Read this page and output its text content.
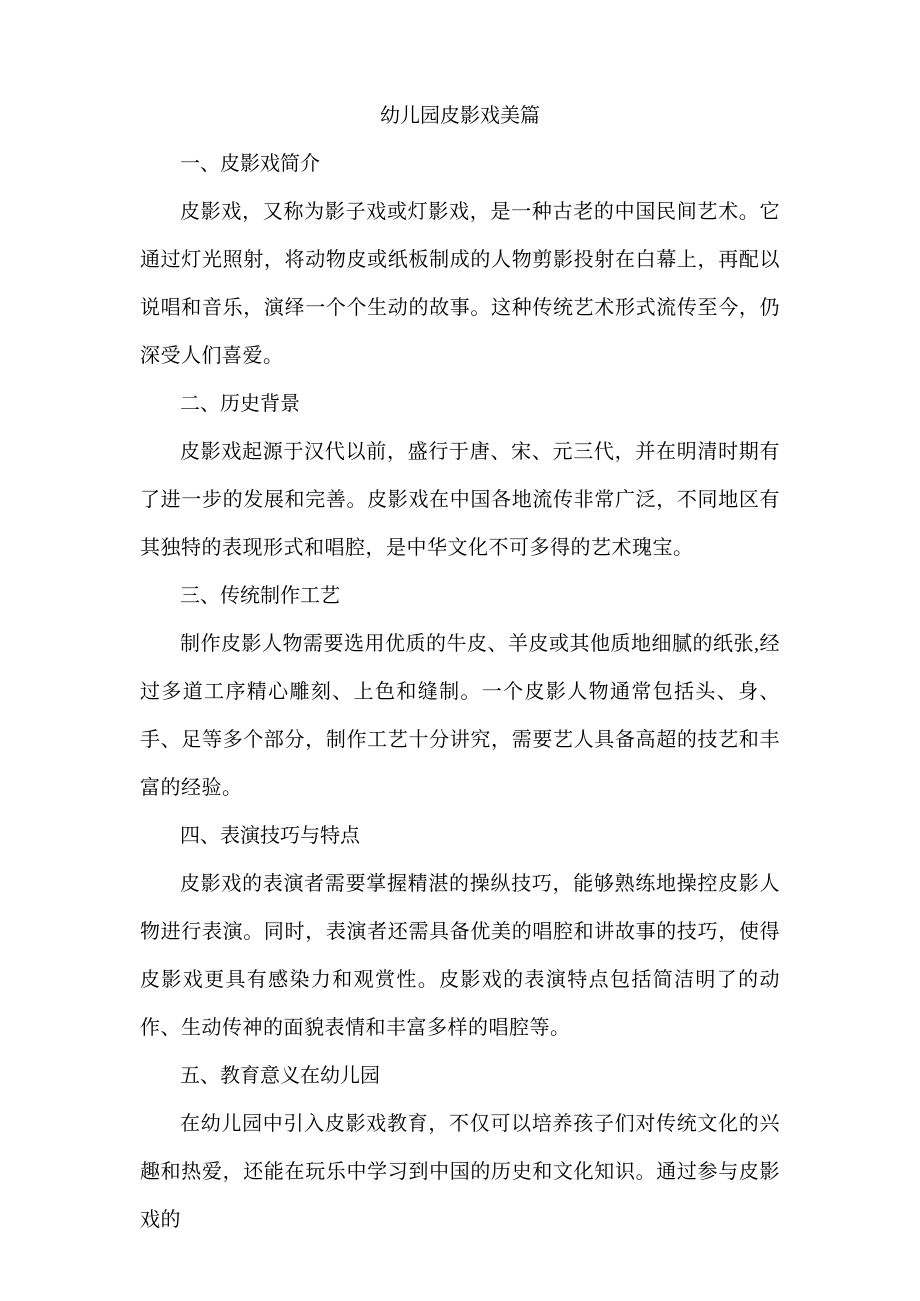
幼儿园皮影戏美篇

一、皮影戏简介

皮影戏，又称为影子戏或灯影戏，是一种古老的中国民间艺术。它通过灯光照射，将动物皮或纸板制成的人物剪影投射在白幕上，再配以说唱和音乐，演绎一个个生动的故事。这种传统艺术形式流传至今，仍深受人们喜爱。

二、历史背景

皮影戏起源于汉代以前，盛行于唐、宋、元三代，并在明清时期有了进一步的发展和完善。皮影戏在中国各地流传非常广泛，不同地区有其独特的表现形式和唱腔，是中华文化不可多得的艺术瑰宝。

三、传统制作工艺

制作皮影人物需要选用优质的牛皮、羊皮或其他质地细腻的纸张,经过多道工序精心雕刻、上色和缝制。一个皮影人物通常包括头、身、手、足等多个部分，制作工艺十分讲究，需要艺人具备高超的技艺和丰富的经验。

四、表演技巧与特点

皮影戏的表演者需要掌握精湛的操纵技巧，能够熟练地操控皮影人物进行表演。同时，表演者还需具备优美的唱腔和讲故事的技巧，使得皮影戏更具有感染力和观赏性。皮影戏的表演特点包括简洁明了的动作、生动传神的面貌表情和丰富多样的唱腔等。

五、教育意义在幼儿园

在幼儿园中引入皮影戏教育，不仅可以培养孩子们对传统文化的兴趣和热爱，还能在玩乐中学习到中国的历史和文化知识。通过参与皮影戏的
